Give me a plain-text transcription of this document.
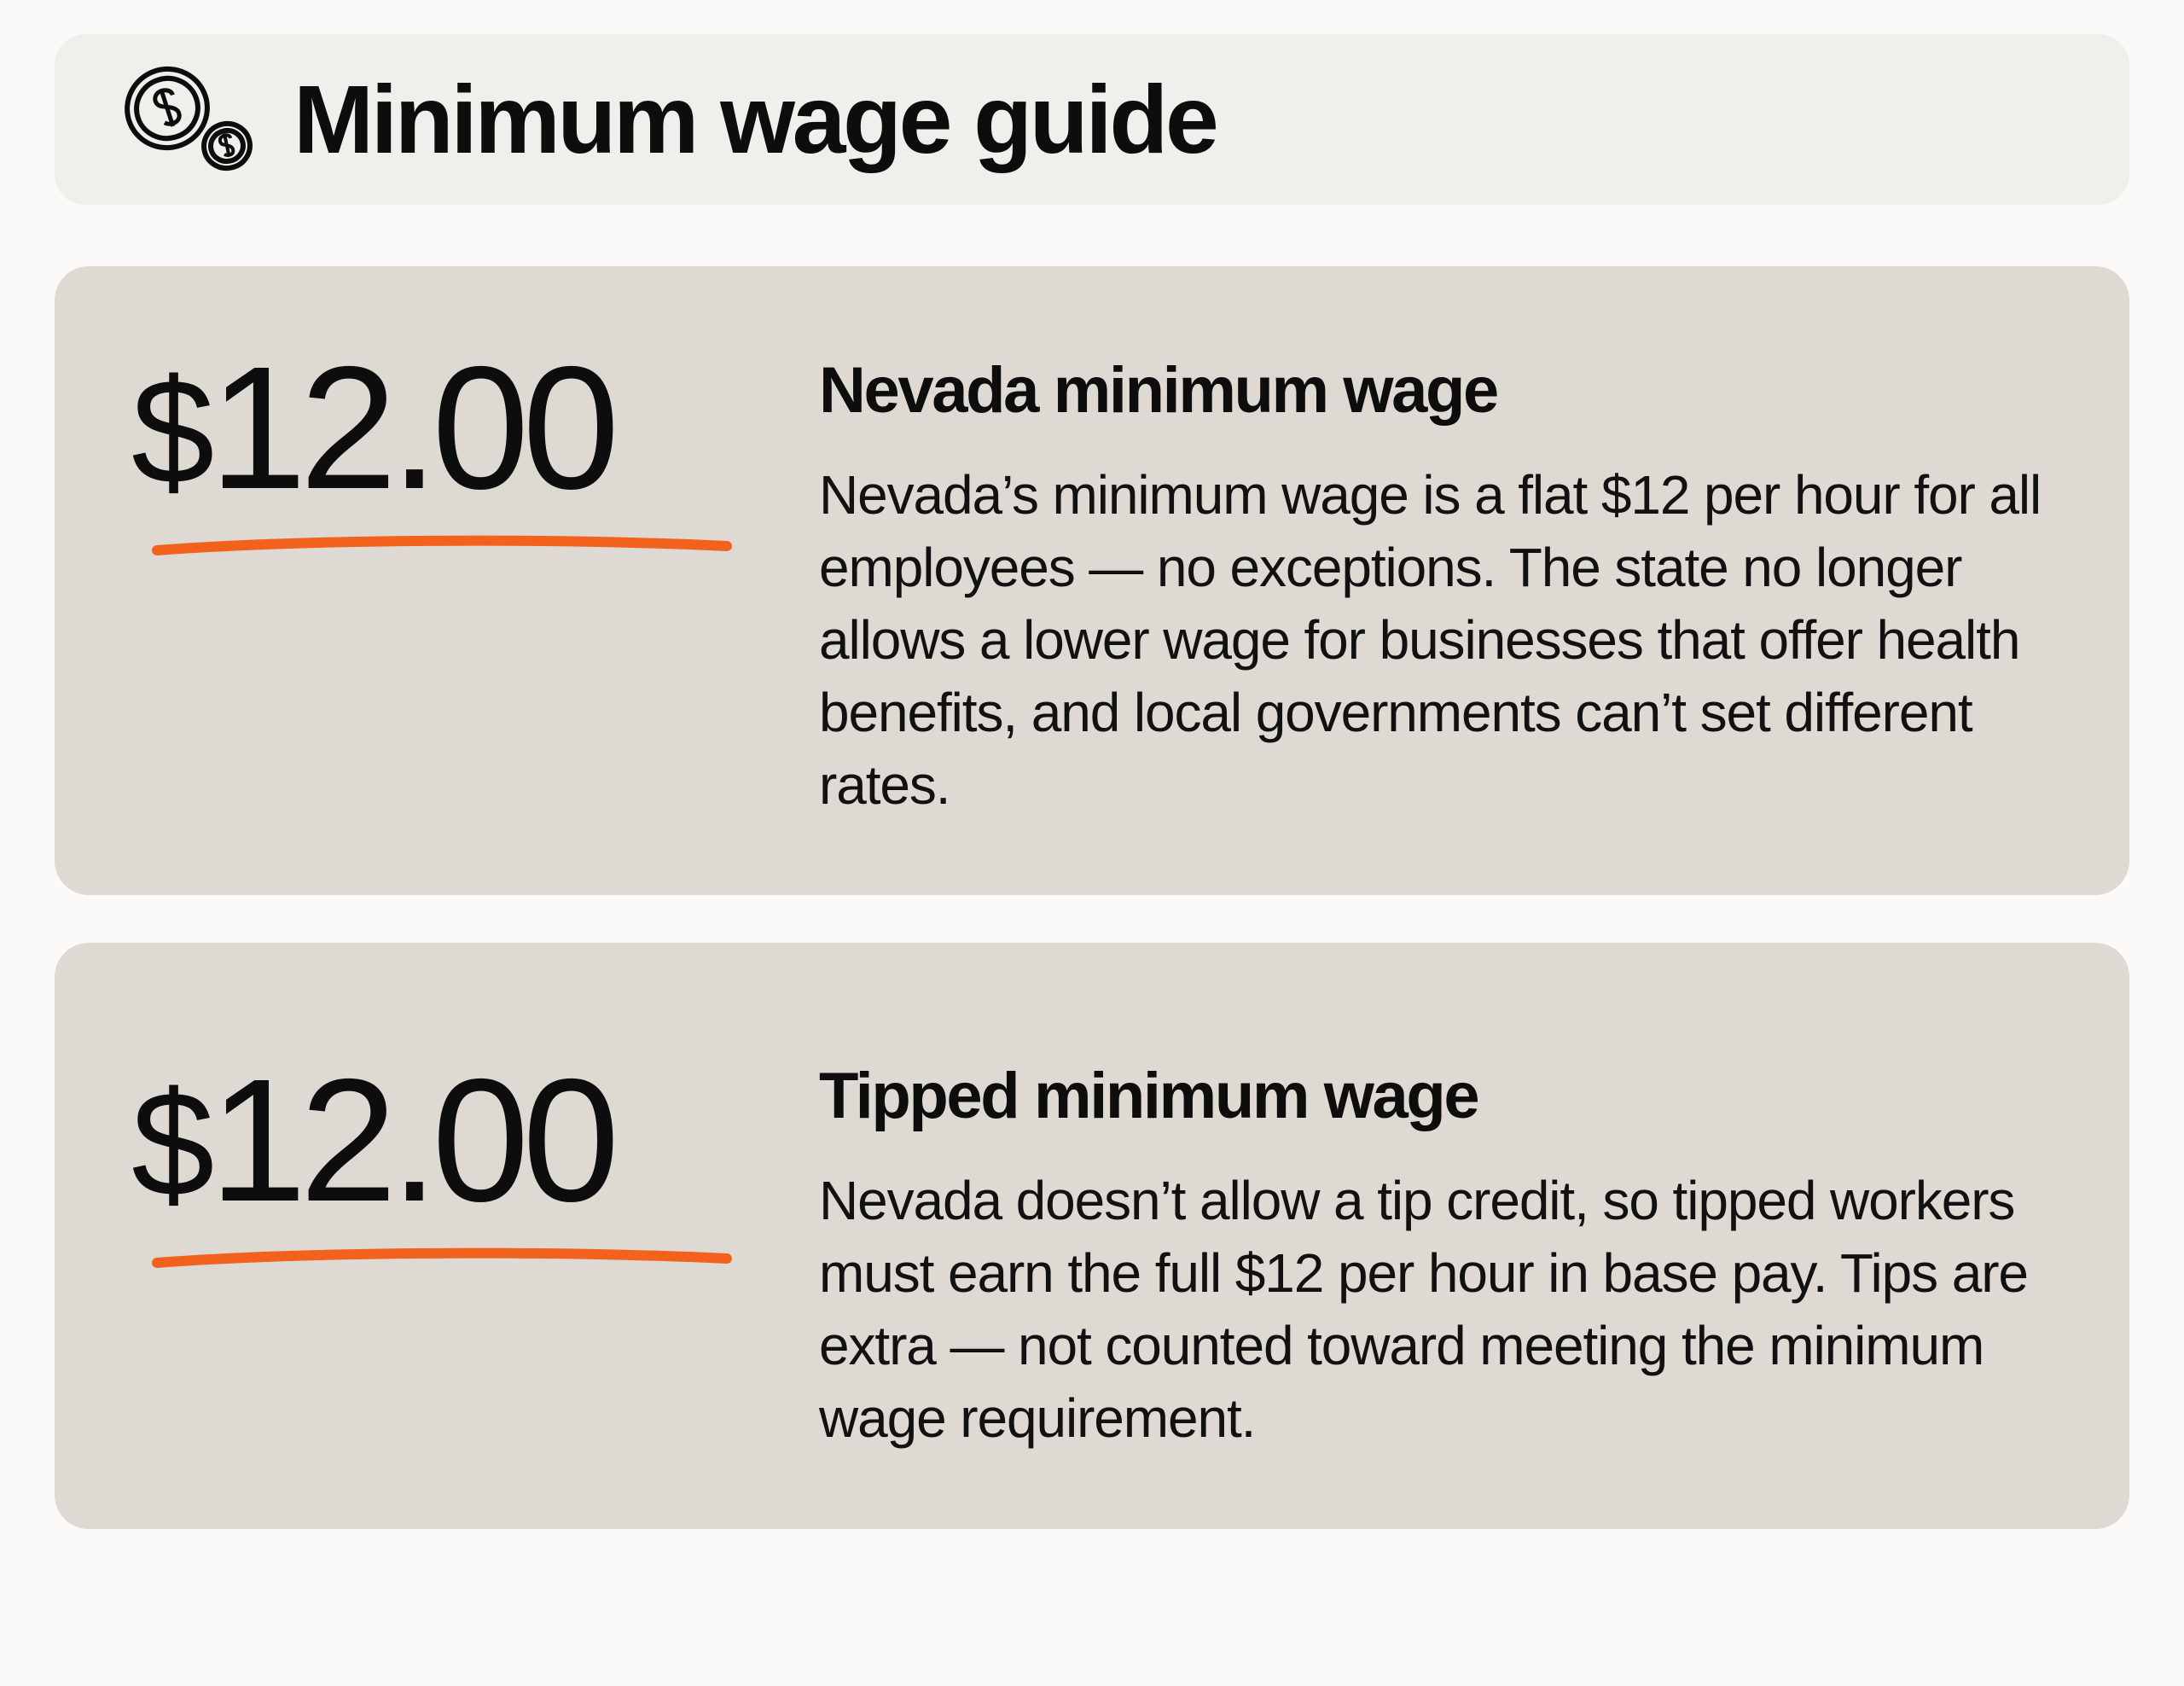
Minimum wage guide
$12.00	Nevada minimum wage
Nevada’s minimum wage is a flat $12 per hour for all employees — no exceptions. The state no longer allows a lower wage for businesses that offer health benefits, and local governments can’t set different rates.
$12.00	Tipped minimum wage
Nevada doesn’t allow a tip credit, so tipped workers must earn the full $12 per hour in base pay. Tips are extra — not counted toward meeting the minimum wage requirement.
